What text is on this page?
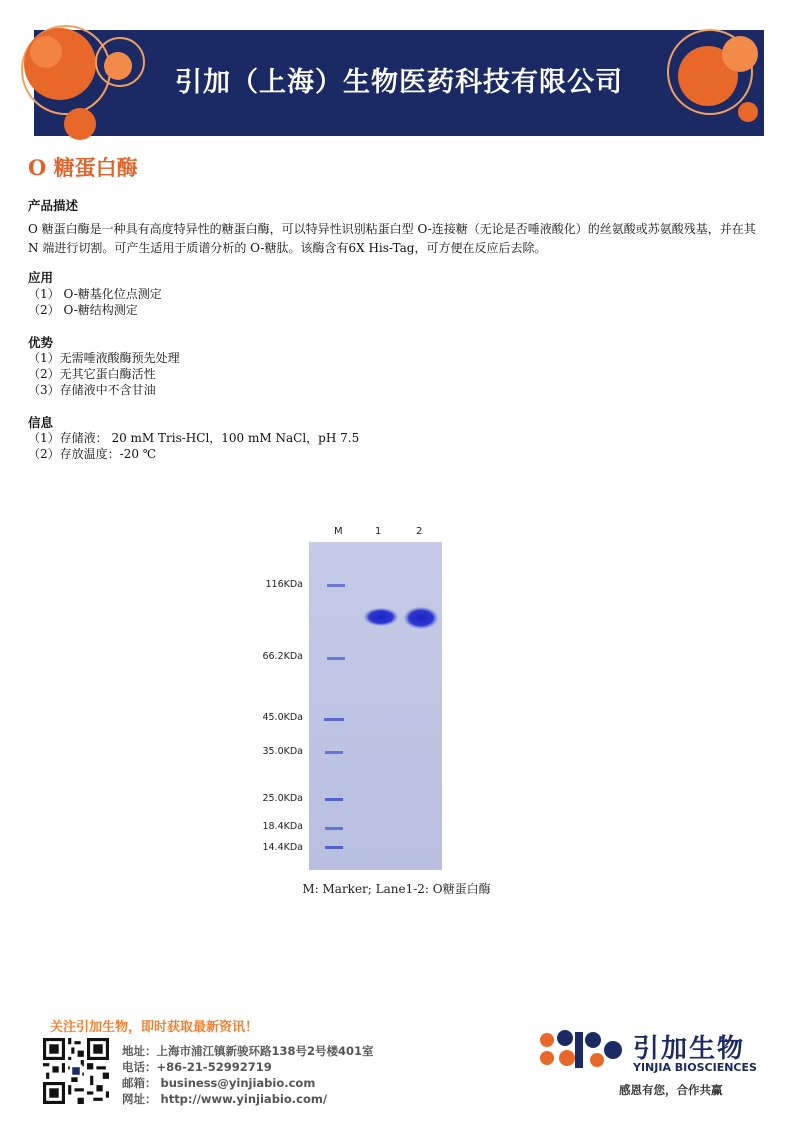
引加（上海）生物医药科技有限公司
O 糖蛋白酶
产品描述
O 糖蛋白酶是一种具有高度特异性的糖蛋白酶，可以特异性识别粘蛋白型 O-连接糖（无论是否唾液酸化）的丝氨酸或苏氨酸残基，并在其 N 端进行切割。可产生适用于质谱分析的 O-糖肽。该酶含有6X His-Tag，可方便在反应后去除。
应用
（1） O-糖基化位点测定
（2） O-糖结构测定
优势
（1）无需唾液酸酶预先处理
（2）无其它蛋白酶活性
（3）存储液中不含甘油
信息
（1）存储液： 20 mM Tris-HCl，100 mM NaCl，pH 7.5
（2）存放温度：-20 ℃
M	1	2
116KDa
66.2KDa
45.0KDa
35.0KDa
25.0KDa
18.4KDa
14.4KDa
M: Marker; Lane1-2: O糖蛋白酶
关注引加生物，即时获取最新资讯！
地址：上海市浦江镇新骏环路138号2号楼401室
电话：+86-21-52992719
邮箱： business@yinjiabio.com
网址： http://www.yinjiabio.com/
引加生物
YINJIA BIOSCIENCES
感恩有您，合作共赢
